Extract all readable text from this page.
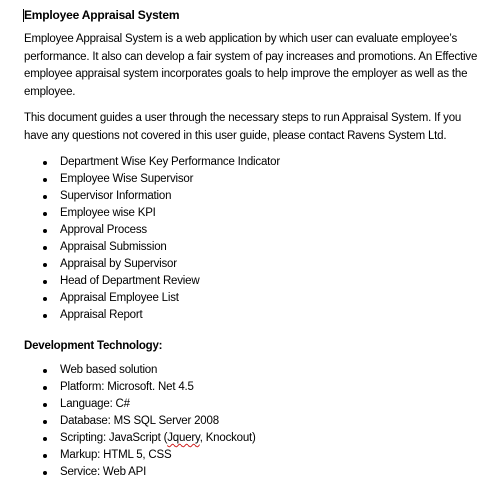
Employee Appraisal System

Employee Appraisal System is a web application by which user can evaluate employee’s performance. It also can develop a fair system of pay increases and promotions. An Effective employee appraisal system incorporates goals to help improve the employer as well as the employee.

This document guides a user through the necessary steps to run Appraisal System. If you have any questions not covered in this user guide, please contact Ravens System Ltd.

Department Wise Key Performance Indicator
Employee Wise Supervisor
Supervisor Information
Employee wise KPI
Approval Process
Appraisal Submission
Appraisal by Supervisor
Head of Department Review
Appraisal Employee List
Appraisal Report
Development Technology:
Web based solution
Platform: Microsoft. Net 4.5
Language: C#
Database: MS SQL Server 2008
Scripting: JavaScript (Jquery, Knockout)
Markup: HTML 5, CSS
Service: Web API
